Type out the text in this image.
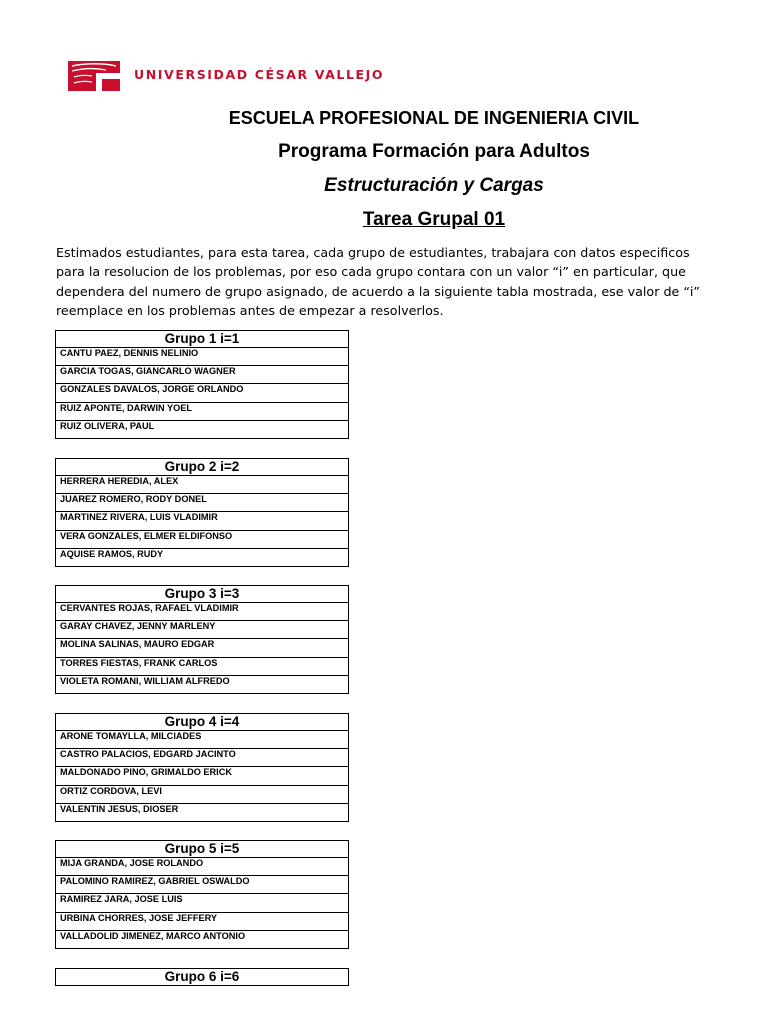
UNIVERSIDAD CÉSAR VALLEJO
ESCUELA PROFESIONAL DE INGENIERIA CIVIL
Programa Formación para Adultos
Estructuración y Cargas
Tarea Grupal 01
Estimados estudiantes, para esta tarea, cada grupo de estudiantes, trabajara con datos especificos para la resolucion de los problemas, por eso cada grupo contara con un valor “i” en particular, que dependera del numero de grupo asignado, de acuerdo a la siguiente tabla mostrada, ese valor de “i” reemplace en los problemas antes de empezar a resolverlos.
Grupo 1 i=1
CANTU PAEZ, DENNIS NELINIO
GARCIA TOGAS, GIANCARLO WAGNER
GONZALES DAVALOS, JORGE ORLANDO
RUIZ APONTE, DARWIN YOEL
RUIZ OLIVERA, PAUL
Grupo 2 i=2
HERRERA HEREDIA, ALEX
JUAREZ ROMERO, RODY DONEL
MARTINEZ RIVERA, LUIS VLADIMIR
VERA GONZALES, ELMER ELDIFONSO
AQUISE RAMOS, RUDY
Grupo 3 i=3
CERVANTES ROJAS, RAFAEL VLADIMIR
GARAY CHAVEZ, JENNY MARLENY
MOLINA SALINAS, MAURO EDGAR
TORRES FIESTAS, FRANK CARLOS
VIOLETA ROMANI, WILLIAM ALFREDO
Grupo 4 i=4
ARONE TOMAYLLA, MILCIADES
CASTRO PALACIOS, EDGARD JACINTO
MALDONADO PINO, GRIMALDO ERICK
ORTIZ CORDOVA, LEVI
VALENTIN JESUS, DIOSER
Grupo 5 i=5
MIJA GRANDA, JOSE ROLANDO
PALOMINO RAMIREZ, GABRIEL OSWALDO
RAMIREZ JARA, JOSE LUIS
URBINA CHORRES, JOSE JEFFERY
VALLADOLID JIMENEZ, MARCO ANTONIO
Grupo 6 i=6
